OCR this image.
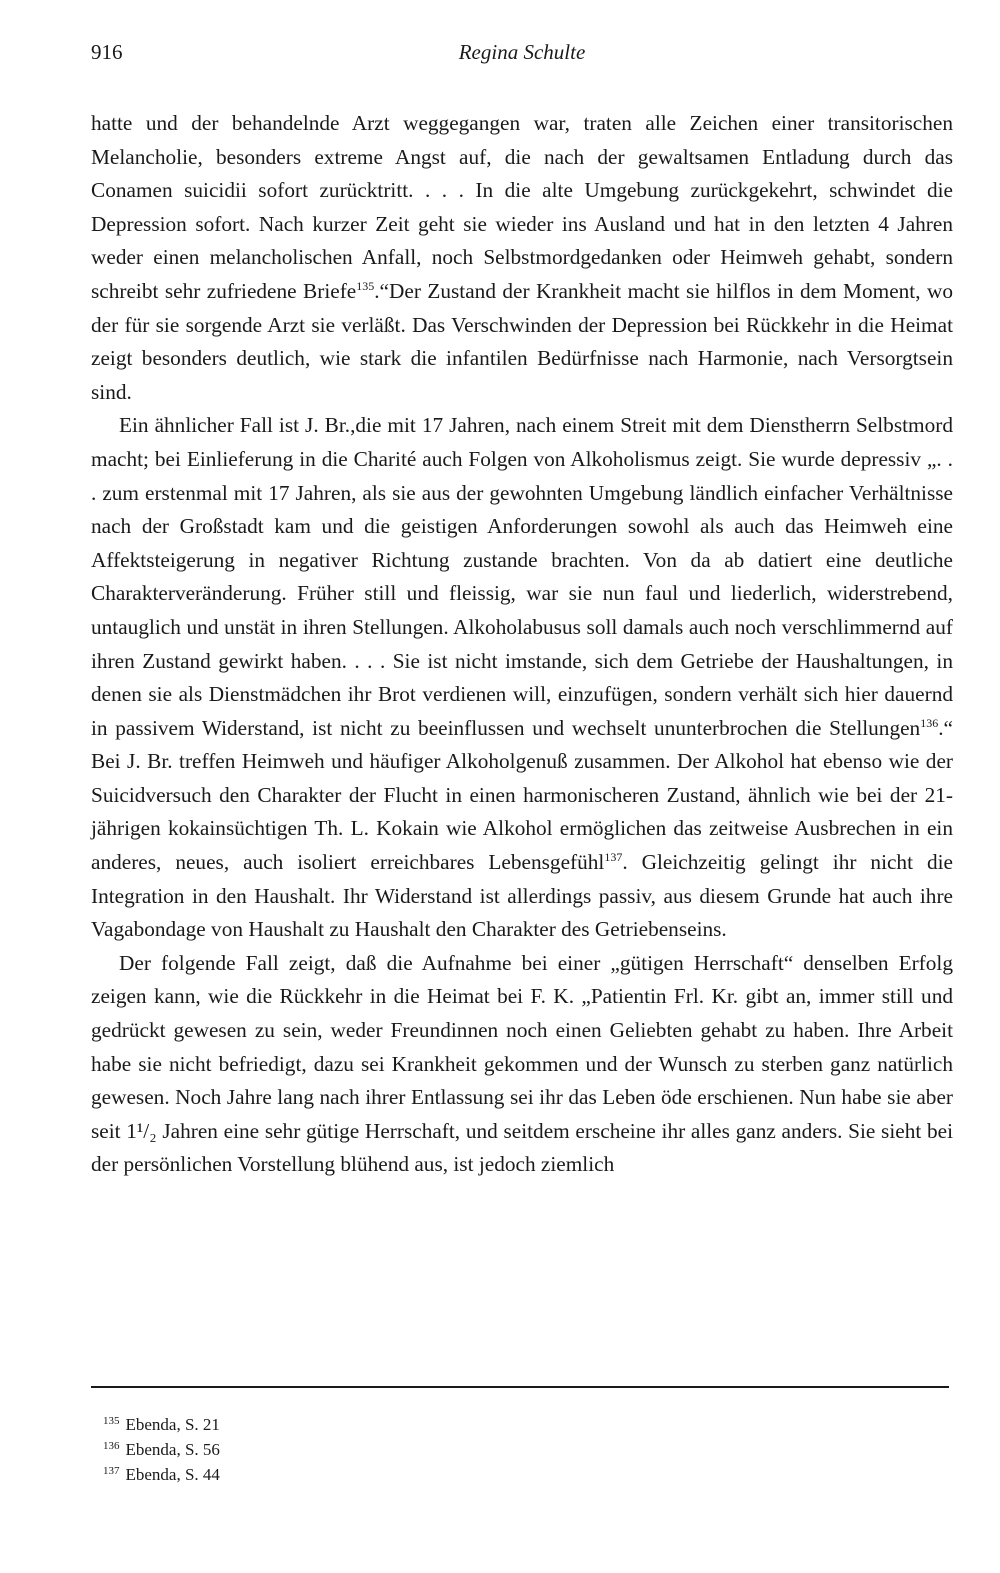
916	Regina Schulte

hatte und der behandelnde Arzt weggegangen war, traten alle Zeichen einer transitorischen Melancholie, besonders extreme Angst auf, die nach der gewaltsamen Entladung durch das Conamen suicidii sofort zurücktritt. . . . In die alte Umgebung zurückgekehrt, schwindet die Depression sofort. Nach kurzer Zeit geht sie wieder ins Ausland und hat in den letzten 4 Jahren weder einen melancholischen Anfall, noch Selbstmordgedanken oder Heimweh gehabt, sondern schreibt sehr zufriedene Briefe$^{135}$.“Der Zustand der Krankheit macht sie hilflos in dem Moment, wo der für sie sorgende Arzt sie verläßt. Das Verschwinden der Depression bei Rückkehr in die Heimat zeigt besonders deutlich, wie stark die infantilen Bedürfnisse nach Harmonie, nach Versorgtsein sind.

Ein ähnlicher Fall ist J. Br.,die mit 17 Jahren, nach einem Streit mit dem Dienstherrn Selbstmord macht; bei Einlieferung in die Charité auch Folgen von Alkoholismus zeigt. Sie wurde depressiv „. . . zum erstenmal mit 17 Jahren, als sie aus der gewohnten Umgebung ländlich einfacher Verhältnisse nach der Großstadt kam und die geistigen Anforderungen sowohl als auch das Heimweh eine Affektsteigerung in negativer Richtung zustande brachten. Von da ab datiert eine deutliche Charakterveränderung. Früher still und fleissig, war sie nun faul und liederlich, widerstrebend, untauglich und unstät in ihren Stellungen. Alkoholabusus soll damals auch noch verschlimmernd auf ihren Zustand gewirkt haben. . . . Sie ist nicht imstande, sich dem Getriebe der Haushaltungen, in denen sie als Dienstmädchen ihr Brot verdienen will, einzufügen, sondern verhält sich hier dauernd in passivem Widerstand, ist nicht zu beeinflussen und wechselt ununterbrochen die Stellungen$^{136}$.“ Bei J. Br. treffen Heimweh und häufiger Alkoholgenuß zusammen. Der Alkohol hat ebenso wie der Suicidversuch den Charakter der Flucht in einen harmonischeren Zustand, ähnlich wie bei der 21-jährigen kokainsüchtigen Th. L. Kokain wie Alkohol ermöglichen das zeitweise Ausbrechen in ein anderes, neues, auch isoliert erreichbares Lebensgefühl$^{137}$. Gleichzeitig gelingt ihr nicht die Integration in den Haushalt. Ihr Widerstand ist allerdings passiv, aus diesem Grunde hat auch ihre Vagabondage von Haushalt zu Haushalt den Charakter des Getriebenseins.

Der folgende Fall zeigt, daß die Aufnahme bei einer „gütigen Herrschaft“ denselben Erfolg zeigen kann, wie die Rückkehr in die Heimat bei F. K. „Patientin Frl. Kr. gibt an, immer still und gedrückt gewesen zu sein, weder Freundinnen noch einen Geliebten gehabt zu haben. Ihre Arbeit habe sie nicht befriedigt, dazu sei Krankheit gekommen und der Wunsch zu sterben ganz natürlich gewesen. Noch Jahre lang nach ihrer Entlassung sei ihr das Leben öde erschienen. Nun habe sie aber seit 1¹/₂ Jahren eine sehr gütige Herrschaft, und seitdem erscheine ihr alles ganz anders. Sie sieht bei der persönlichen Vorstellung blühend aus, ist jedoch ziemlich

$^{135}$ Ebenda, S. 21
$^{136}$ Ebenda, S. 56
$^{137}$ Ebenda, S. 44
